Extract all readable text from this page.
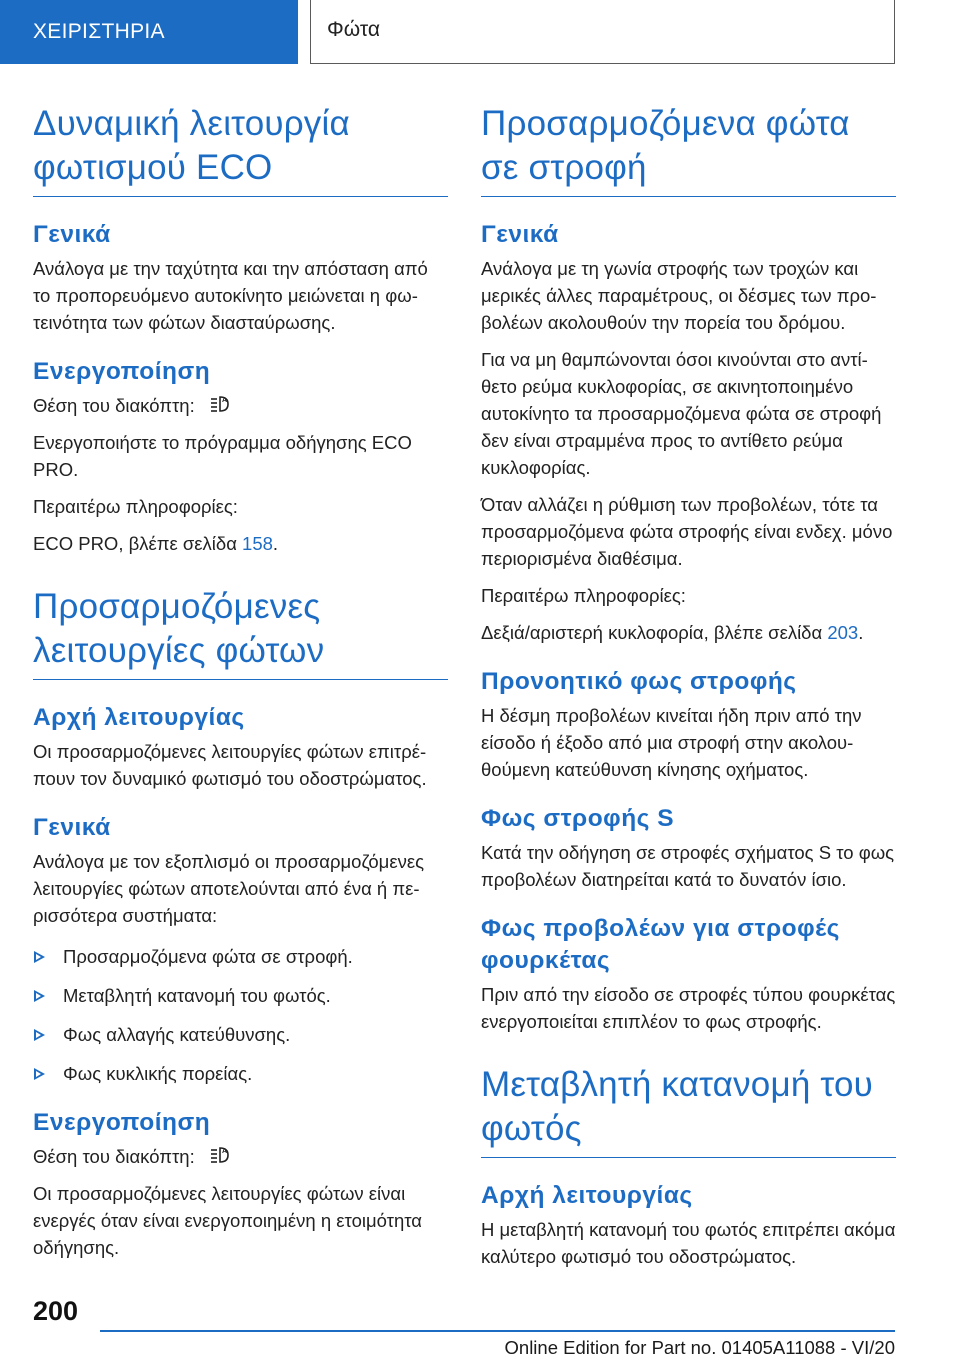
ΧΕΙΡΙΣΤΗΡΙΑ	Φώτα
Δυναμική λειτουργία φωτισμού ECO
Γενικά
Ανάλογα με την ταχύτητα και την απόσταση από το προπορευόμενο αυτοκίνητο μειώνεται η φωτεινότητα των φώτων διασταύρωσης.
Ενεργοποίηση
Θέση του διακόπτη:	A
Ενεργοποιήστε το πρόγραμμα οδήγησης ECO PRO.
Περαιτέρω πληροφορίες:
ECO PRO, βλέπε σελίδα 158.
Προσαρμοζόμενες λειτουργίες φώτων
Αρχή λειτουργίας
Οι προσαρμοζόμενες λειτουργίες φώτων επιτρέπουν τον δυναμικό φωτισμό του οδοστρώματος.
Γενικά
Ανάλογα με τον εξοπλισμό οι προσαρμοζόμενες λειτουργίες φώτων αποτελούνται από ένα ή περισσότερα συστήματα:
Προσαρμοζόμενα φώτα σε στροφή.
Μεταβλητή κατανομή του φωτός.
Φως αλλαγής κατεύθυνσης.
Φως κυκλικής πορείας.
Ενεργοποίηση
Θέση του διακόπτη:	A
Οι προσαρμοζόμενες λειτουργίες φώτων είναι ενεργές όταν είναι ενεργοποιημένη η ετοιμότητα οδήγησης.
Προσαρμοζόμενα φώτα σε στροφή
Γενικά
Ανάλογα με τη γωνία στροφής των τροχών και μερικές άλλες παραμέτρους, οι δέσμες των προβολέων ακολουθούν την πορεία του δρόμου.
Για να μη θαμπώνονται όσοι κινούνται στο αντίθετο ρεύμα κυκλοφορίας, σε ακινητοποιημένο αυτοκίνητο τα προσαρμοζόμενα φώτα σε στροφή δεν είναι στραμμένα προς το αντίθετο ρεύμα κυκλοφορίας.
Όταν αλλάζει η ρύθμιση των προβολέων, τότε τα προσαρμοζόμενα φώτα στροφής είναι ενδεχ. μόνο περιορισμένα διαθέσιμα.
Περαιτέρω πληροφορίες:
Δεξιά/αριστερή κυκλοφορία, βλέπε σελίδα 203.
Προνοητικό φως στροφής
Η δέσμη προβολέων κινείται ήδη πριν από την είσοδο ή έξοδο από μια στροφή στην ακολουθούμενη κατεύθυνση κίνησης οχήματος.
Φως στροφής S
Κατά την οδήγηση σε στροφές σχήματος S το φως προβολέων διατηρείται κατά το δυνατόν ίσιο.
Φως προβολέων για στροφές φουρκέτας
Πριν από την είσοδο σε στροφές τύπου φουρκέτας ενεργοποιείται επιπλέον το φως στροφής.
Μεταβλητή κατανομή του φωτός
Αρχή λειτουργίας
Η μεταβλητή κατανομή του φωτός επιτρέπει ακόμα καλύτερο φωτισμό του οδοστρώματος.
200
Online Edition for Part no. 01405A11088 - VI/20
